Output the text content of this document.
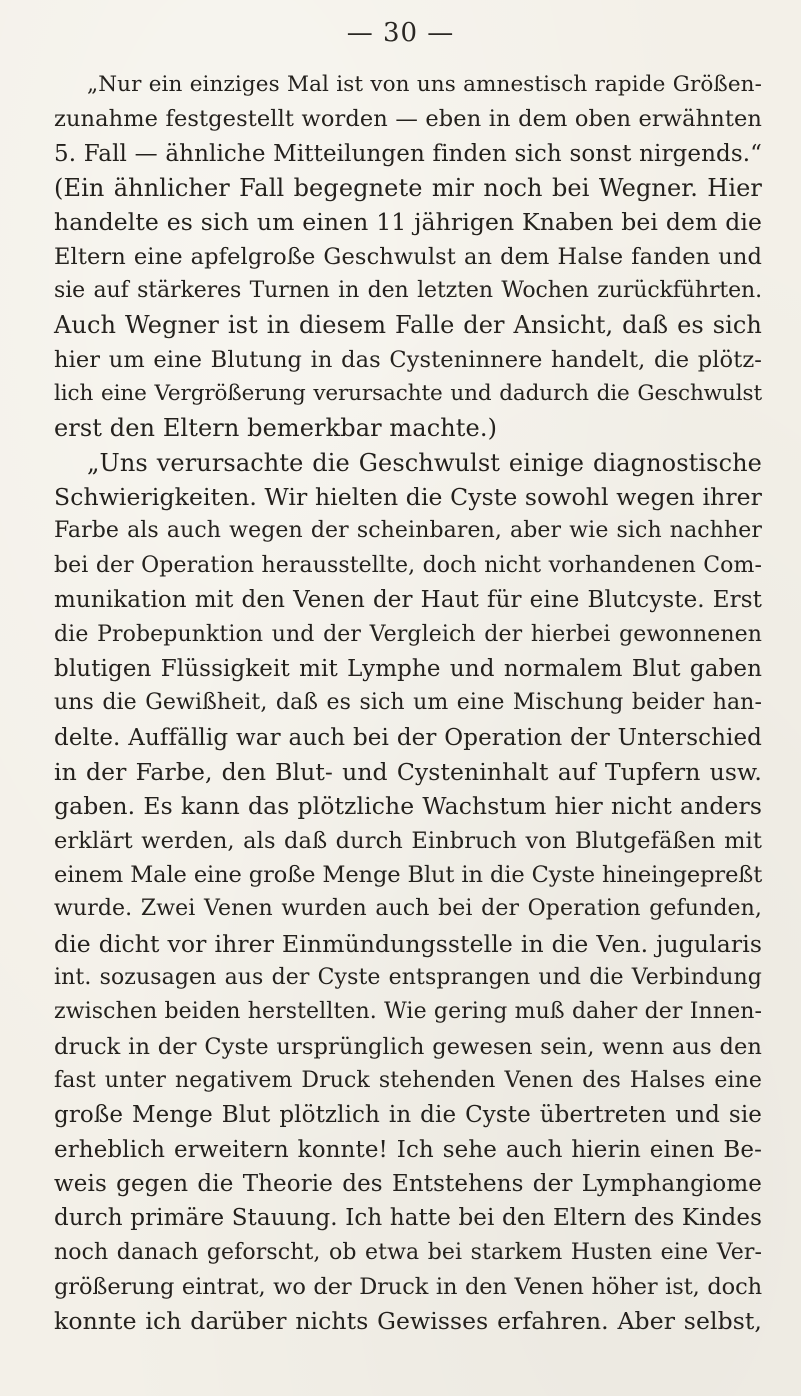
— 30 —
„Nur ein einziges Mal ist von uns amnestisch rapide Größen-
zunahme festgestellt worden — eben in dem oben erwähnten
5. Fall — ähnliche Mitteilungen finden sich sonst nirgends.“
(Ein ähnlicher Fall begegnete mir noch bei Wegner. Hier
handelte es sich um einen 11 jährigen Knaben bei dem die
Eltern eine apfelgroße Geschwulst an dem Halse fanden und
sie auf stärkeres Turnen in den letzten Wochen zurückführten.
Auch Wegner ist in diesem Falle der Ansicht, daß es sich
hier um eine Blutung in das Cysteninnere handelt, die plötz-
lich eine Vergrößerung verursachte und dadurch die Geschwulst
erst den Eltern bemerkbar machte.)
„Uns verursachte die Geschwulst einige diagnostische
Schwierigkeiten. Wir hielten die Cyste sowohl wegen ihrer
Farbe als auch wegen der scheinbaren, aber wie sich nachher
bei der Operation herausstellte, doch nicht vorhandenen Com-
munikation mit den Venen der Haut für eine Blutcyste. Erst
die Probepunktion und der Vergleich der hierbei gewonnenen
blutigen Flüssigkeit mit Lymphe und normalem Blut gaben
uns die Gewißheit, daß es sich um eine Mischung beider han-
delte. Auffällig war auch bei der Operation der Unterschied
in der Farbe, den Blut- und Cysteninhalt auf Tupfern usw.
gaben. Es kann das plötzliche Wachstum hier nicht anders
erklärt werden, als daß durch Einbruch von Blutgefäßen mit
einem Male eine große Menge Blut in die Cyste hineingepreßt
wurde. Zwei Venen wurden auch bei der Operation gefunden,
die dicht vor ihrer Einmündungsstelle in die Ven. jugularis
int. sozusagen aus der Cyste entsprangen und die Verbindung
zwischen beiden herstellten. Wie gering muß daher der Innen-
druck in der Cyste ursprünglich gewesen sein, wenn aus den
fast unter negativem Druck stehenden Venen des Halses eine
große Menge Blut plötzlich in die Cyste übertreten und sie
erheblich erweitern konnte! Ich sehe auch hierin einen Be-
weis gegen die Theorie des Entstehens der Lymphangiome
durch primäre Stauung. Ich hatte bei den Eltern des Kindes
noch danach geforscht, ob etwa bei starkem Husten eine Ver-
größerung eintrat, wo der Druck in den Venen höher ist, doch
konnte ich darüber nichts Gewisses erfahren. Aber selbst,
